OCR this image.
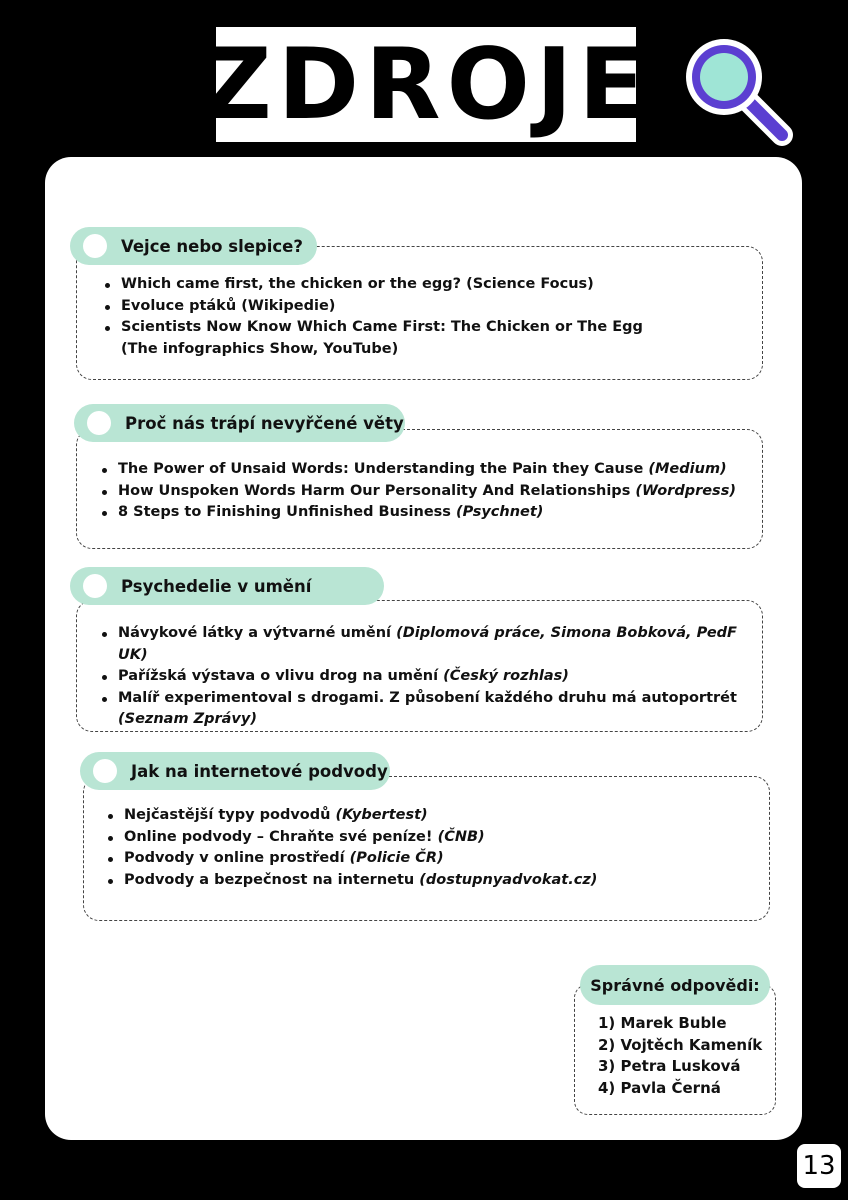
ZDROJE
Vejce nebo slepice?
Which came first, the chicken or the egg? (Science Focus)
Evoluce ptáků (Wikipedie)
Scientists Now Know Which Came First: The Chicken or The Egg (The infographics Show, YouTube)
Proč nás trápí nevyřčené věty
The Power of Unsaid Words: Understanding the Pain they Cause (Medium)
How Unspoken Words Harm Our Personality And Relationships (Wordpress)
8 Steps to Finishing Unfinished Business (Psychnet)
Psychedelie v umění
Návykové látky a výtvarné umění (Diplomová práce, Simona Bobková, PedF UK)
Pařížská výstava o vlivu drog na umění (Český rozhlas)
Malíř experimentoval s drogami. Z působení každého druhu má autoportrét (Seznam Zprávy)
Jak na internetové podvody
Nejčastější typy podvodů (Kybertest)
Online podvody – Chraňte své peníze! (ČNB)
Podvody v online prostředí (Policie ČR)
Podvody a bezpečnost na internetu (dostupnyadvokat.cz)
Správné odpovědi:
1) Marek Buble
2) Vojtěch Kameník
3) Petra Lusková
4) Pavla Černá
13
